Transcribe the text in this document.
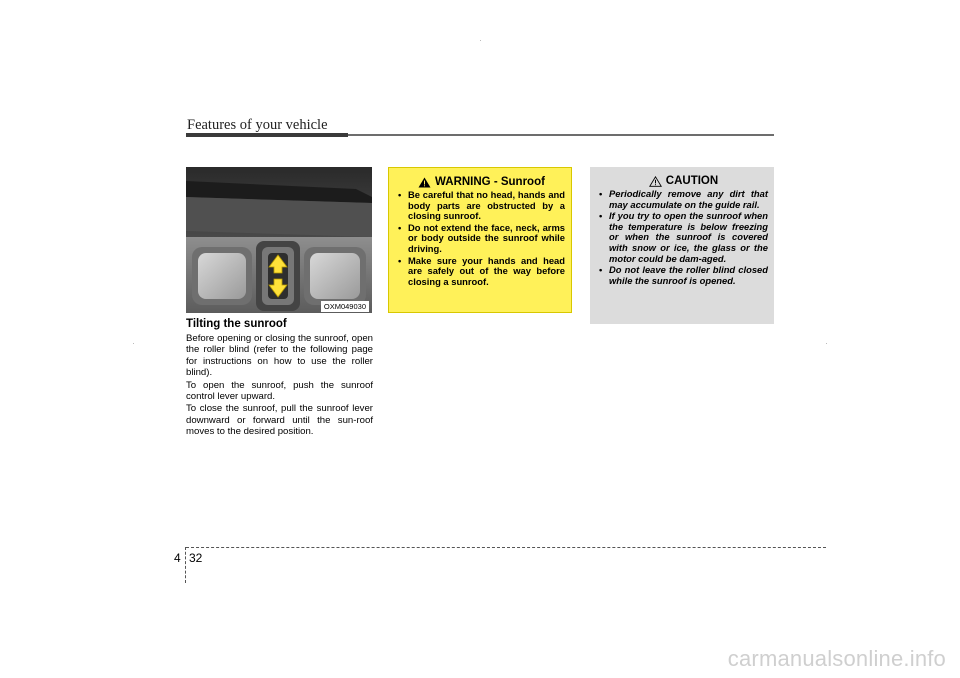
Features of your vehicle
OXM049030
Tilting the sunroof

Before opening or closing the sunroof, open the roller blind (refer to the following page for instructions on how to use the roller blind).

To open the sunroof, push the sunroof control lever upward.

To close the sunroof, pull the sunroof lever downward or forward until the sun-roof moves to the desired position.

WARNING - Sunroof
• Be careful that no head, hands and body parts are obstructed by a closing sunroof.
• Do not extend the face, neck, arms or body outside the sunroof while driving.
• Make sure your hands and head are safely out of the way before closing a sunroof.
CAUTION
• Periodically remove any dirt that may accumulate on the guide rail.
• If you try to open the sunroof when the temperature is below freezing or when the sunroof is covered with snow or ice, the glass or the motor could be dam-aged.
• Do not leave the roller blind closed while the sunroof is opened.
4 32
carmanualsonline.info
